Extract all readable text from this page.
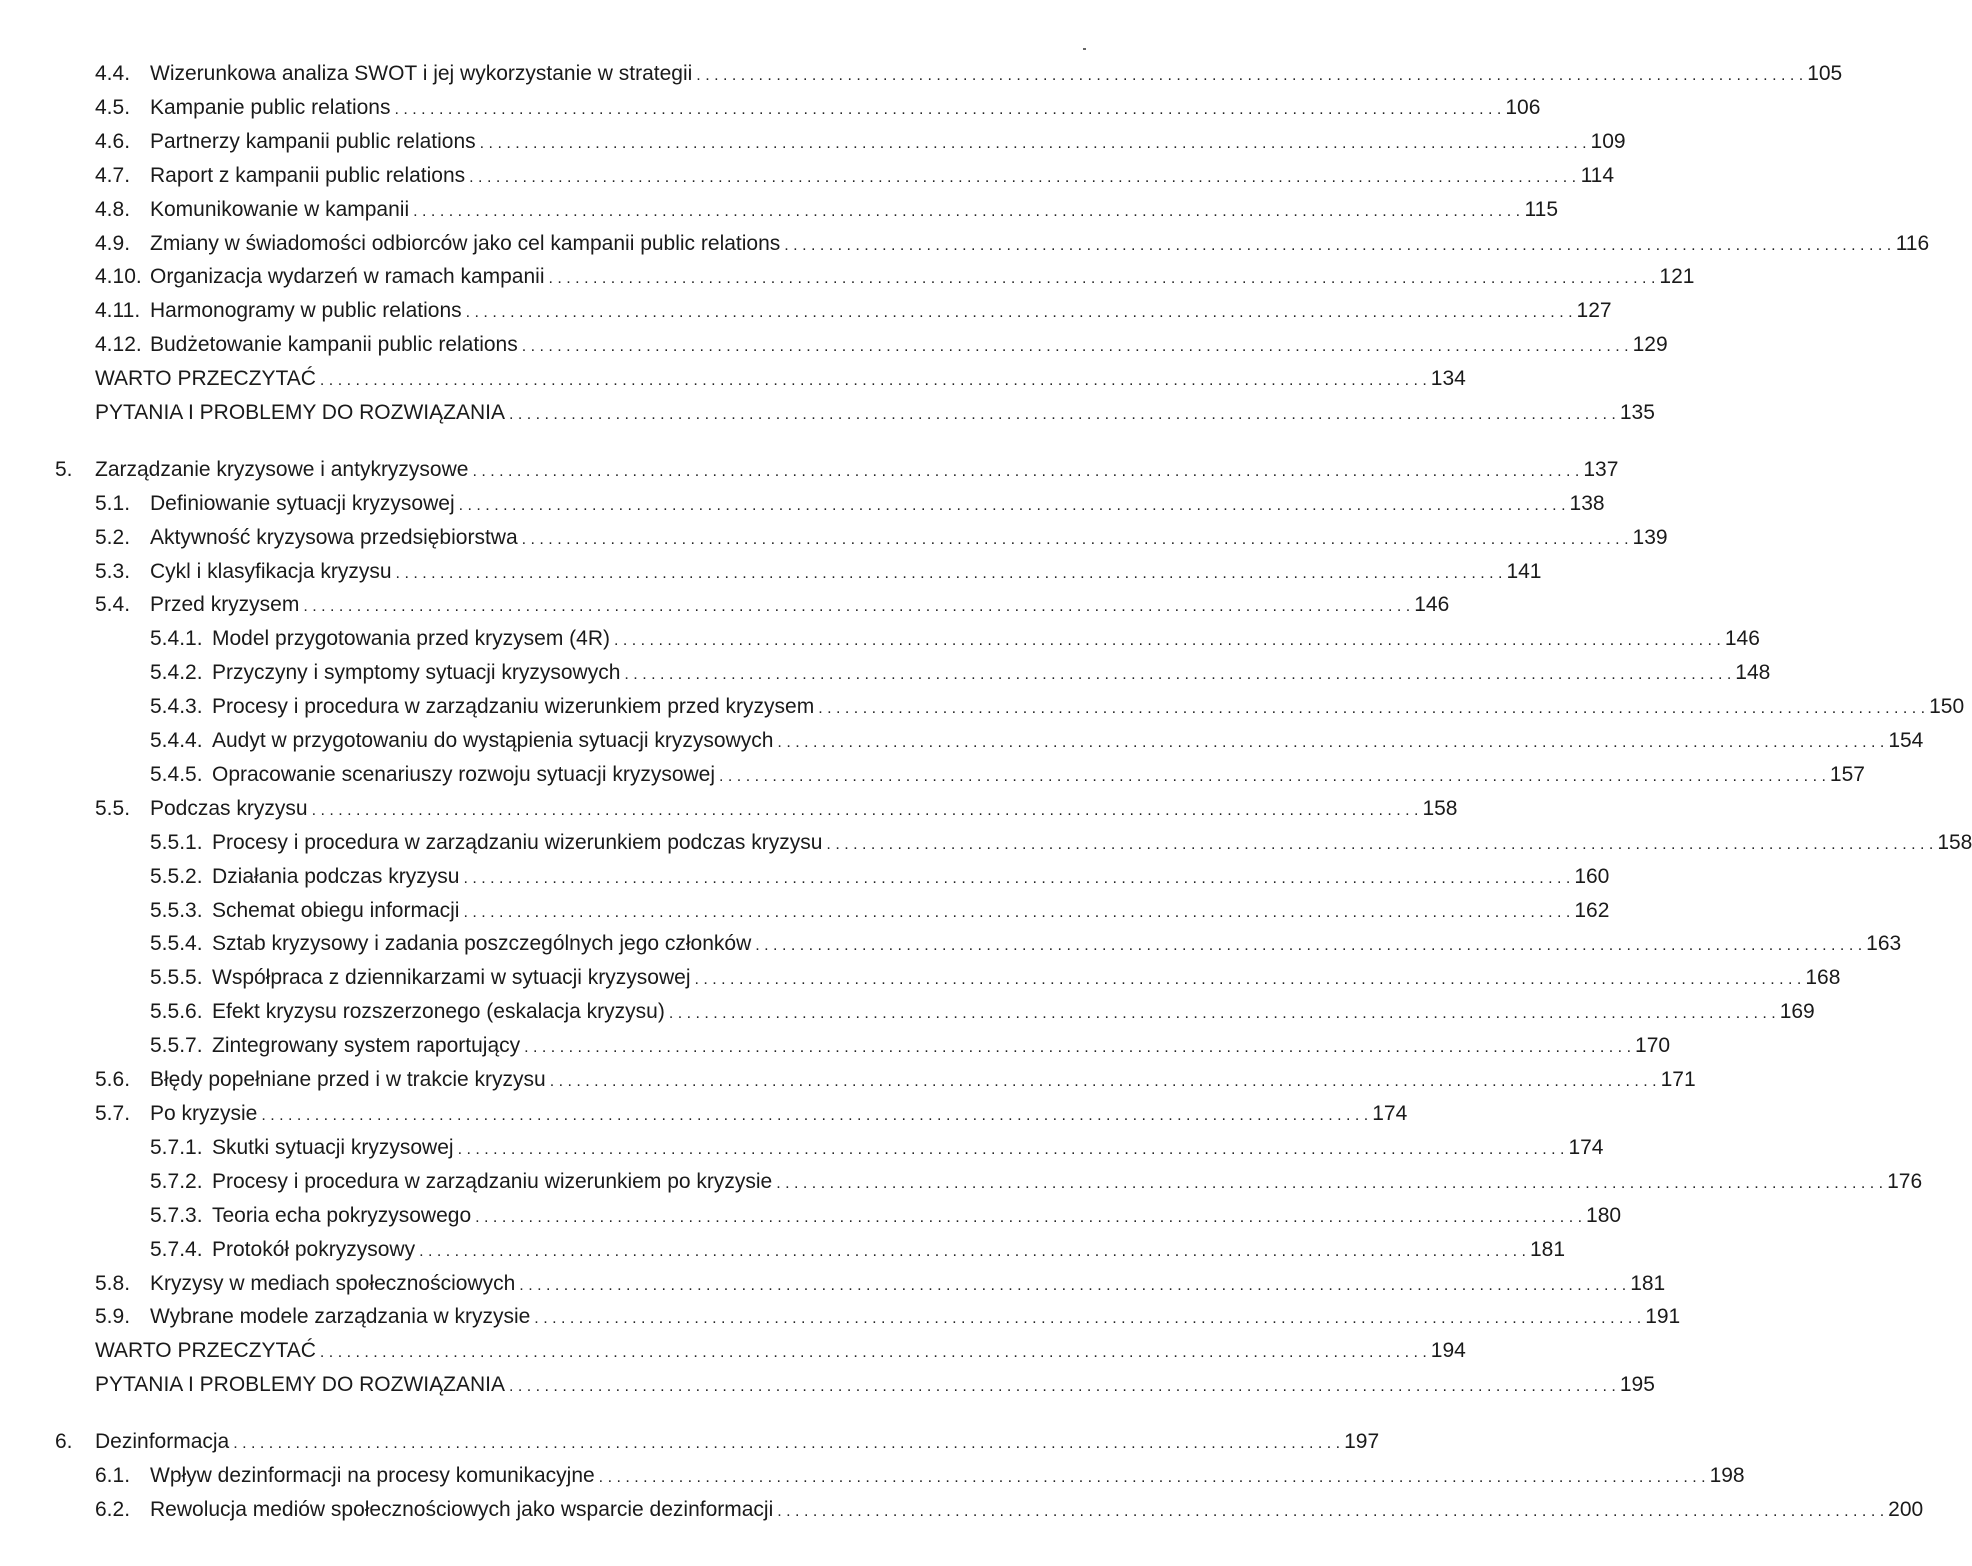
4.4. Wizerunkowa analiza SWOT i jej wykorzystanie w strategii . . .	105
4.5. Kampanie public relations . . .	106
4.6. Partnerzy kampanii public relations . . .	109
4.7. Raport z kampanii public relations . . .	114
4.8. Komunikowanie w kampanii . . .	115
4.9. Zmiany w świadomości odbiorców jako cel kampanii public relations . . .	116
4.10. Organizacja wydarzeń w ramach kampanii . . .	121
4.11. Harmonogramy w public relations . . .	127
4.12. Budżetowanie kampanii public relations . . .	129
WARTO PRZECZYTAĆ . . .	134
PYTANIA I PROBLEMY DO ROZWIĄZANIA . . .	135
5.	Zarządzanie kryzysowe i antykryzysowe . . .	137
5.1. Definiowanie sytuacji kryzysowej . . .	138
5.2. Aktywność kryzysowa przedsiębiorstwa . . .	139
5.3. Cykl i klasyfikacja kryzysu . . .	141
5.4. Przed kryzysem . . .	146
5.4.1. Model przygotowania przed kryzysem (4R) . . .	146
5.4.2. Przyczyny i symptomy sytuacji kryzysowych . . .	148
5.4.3. Procesy i procedura w zarządzaniu wizerunkiem przed kryzysem . . .	150
5.4.4. Audyt w przygotowaniu do wystąpienia sytuacji kryzysowych . . .	154
5.4.5. Opracowanie scenariuszy rozwoju sytuacji kryzysowej . . .	157
5.5. Podczas kryzysu . . .	158
5.5.1. Procesy i procedura w zarządzaniu wizerunkiem podczas kryzysu . . .	158
5.5.2. Działania podczas kryzysu . . .	160
5.5.3. Schemat obiegu informacji . . .	162
5.5.4. Sztab kryzysowy i zadania poszczególnych jego członków . . .	163
5.5.5. Współpraca z dziennikarzami w sytuacji kryzysowej . . .	168
5.5.6. Efekt kryzysu rozszerzonego (eskalacja kryzysu) . . .	169
5.5.7. Zintegrowany system raportujący . . .	170
5.6. Błędy popełniane przed i w trakcie kryzysu . . .	171
5.7. Po kryzysie . . .	174
5.7.1. Skutki sytuacji kryzysowej . . .	174
5.7.2. Procesy i procedura w zarządzaniu wizerunkiem po kryzysie . . .	176
5.7.3. Teoria echa pokryzysowego . . .	180
5.7.4. Protokół pokryzysowy . . .	181
5.8. Kryzysy w mediach społecznościowych . . .	181
5.9. Wybrane modele zarządzania w kryzysie . . .	191
WARTO PRZECZYTAĆ . . .	194
PYTANIA I PROBLEMY DO ROZWIĄZANIA . . .	195
6.	Dezinformacja . . .	197
6.1. Wpływ dezinformacji na procesy komunikacyjne . . .	198
6.2. Rewolucja mediów społecznościowych jako wsparcie dezinformacji . . .	200
